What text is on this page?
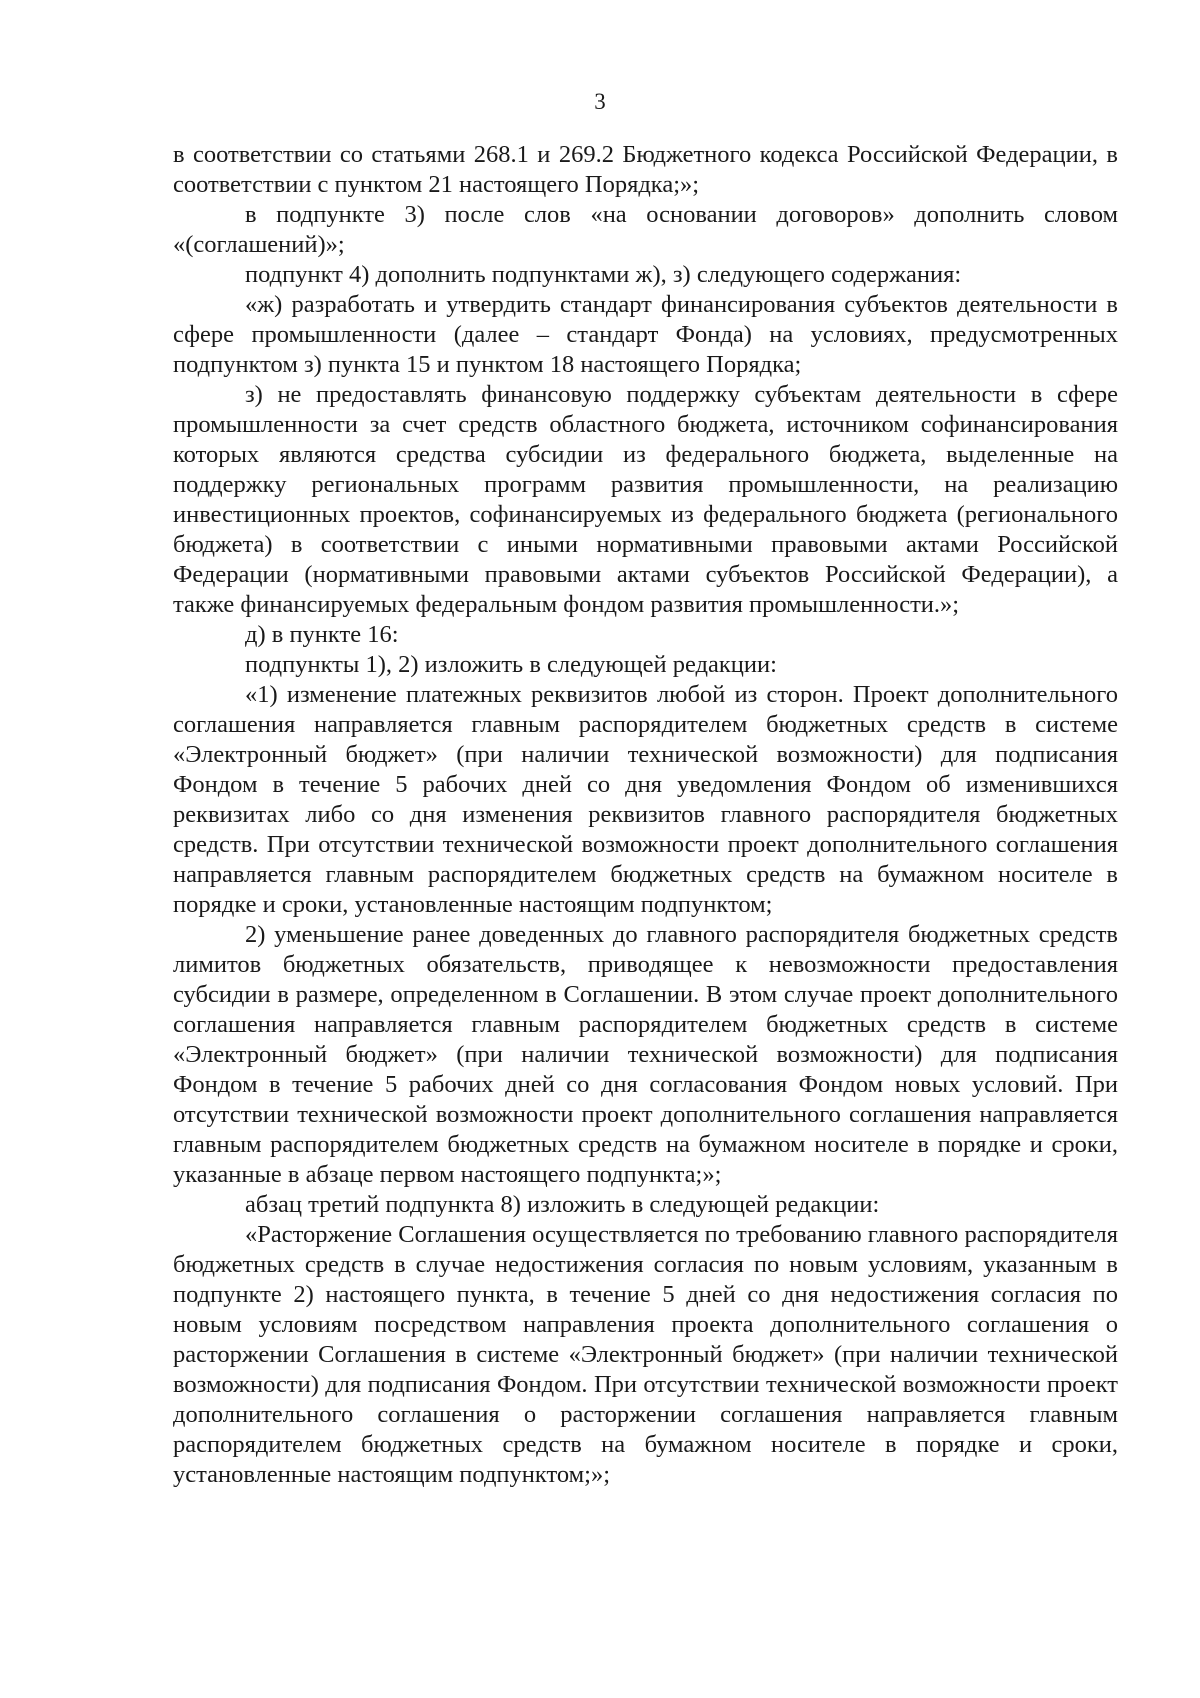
3

в соответствии со статьями 268.1 и 269.2 Бюджетного кодекса Российской Федерации, в соответствии с пунктом 21 настоящего Порядка;»;

в подпункте 3) после слов «на основании договоров» дополнить словом «(соглашений)»;

подпункт 4) дополнить подпунктами ж), з) следующего содержания:

«ж) разработать и утвердить стандарт финансирования субъектов деятельности в сфере промышленности (далее – стандарт Фонда) на условиях, предусмотренных подпунктом з) пункта 15 и пунктом 18 настоящего Порядка;

з) не предоставлять финансовую поддержку субъектам деятельности в сфере промышленности за счет средств областного бюджета, источником софинансирования которых являются средства субсидии из федерального бюджета, выделенные на поддержку региональных программ развития промышленности, на реализацию инвестиционных проектов, софинансируемых из федерального бюджета (регионального бюджета) в соответствии с иными нормативными правовыми актами Российской Федерации (нормативными правовыми актами субъектов Российской Федерации), а также финансируемых федеральным фондом развития промышленности.»;

д) в пункте 16:

подпункты 1), 2) изложить в следующей редакции:

«1) изменение платежных реквизитов любой из сторон. Проект дополнительного соглашения направляется главным распорядителем бюджетных средств в системе «Электронный бюджет» (при наличии технической возможности) для подписания Фондом в течение 5 рабочих дней со дня уведомления Фондом об изменившихся реквизитах либо со дня изменения реквизитов главного распорядителя бюджетных средств. При отсутствии технической возможности проект дополнительного соглашения направляется главным распорядителем бюджетных средств на бумажном носителе в порядке и сроки, установленные настоящим подпунктом;

2) уменьшение ранее доведенных до главного распорядителя бюджетных средств лимитов бюджетных обязательств, приводящее к невозможности предоставления субсидии в размере, определенном в Соглашении. В этом случае проект дополнительного соглашения направляется главным распорядителем бюджетных средств в системе «Электронный бюджет» (при наличии технической возможности) для подписания Фондом в течение 5 рабочих дней со дня согласования Фондом новых условий. При отсутствии технической возможности проект дополнительного соглашения направляется главным распорядителем бюджетных средств на бумажном носителе в порядке и сроки, указанные в абзаце первом настоящего подпункта;»;

абзац третий подпункта 8) изложить в следующей редакции:

«Расторжение Соглашения осуществляется по требованию главного распорядителя бюджетных средств в случае недостижения согласия по новым условиям, указанным в подпункте 2) настоящего пункта, в течение 5 дней со дня недостижения согласия по новым условиям посредством направления проекта дополнительного соглашения о расторжении Соглашения в системе «Электронный бюджет» (при наличии технической возможности) для подписания Фондом. При отсутствии технической возможности проект дополнительного соглашения о расторжении соглашения направляется главным распорядителем бюджетных средств на бумажном носителе в порядке и сроки, установленные настоящим подпунктом;»;
